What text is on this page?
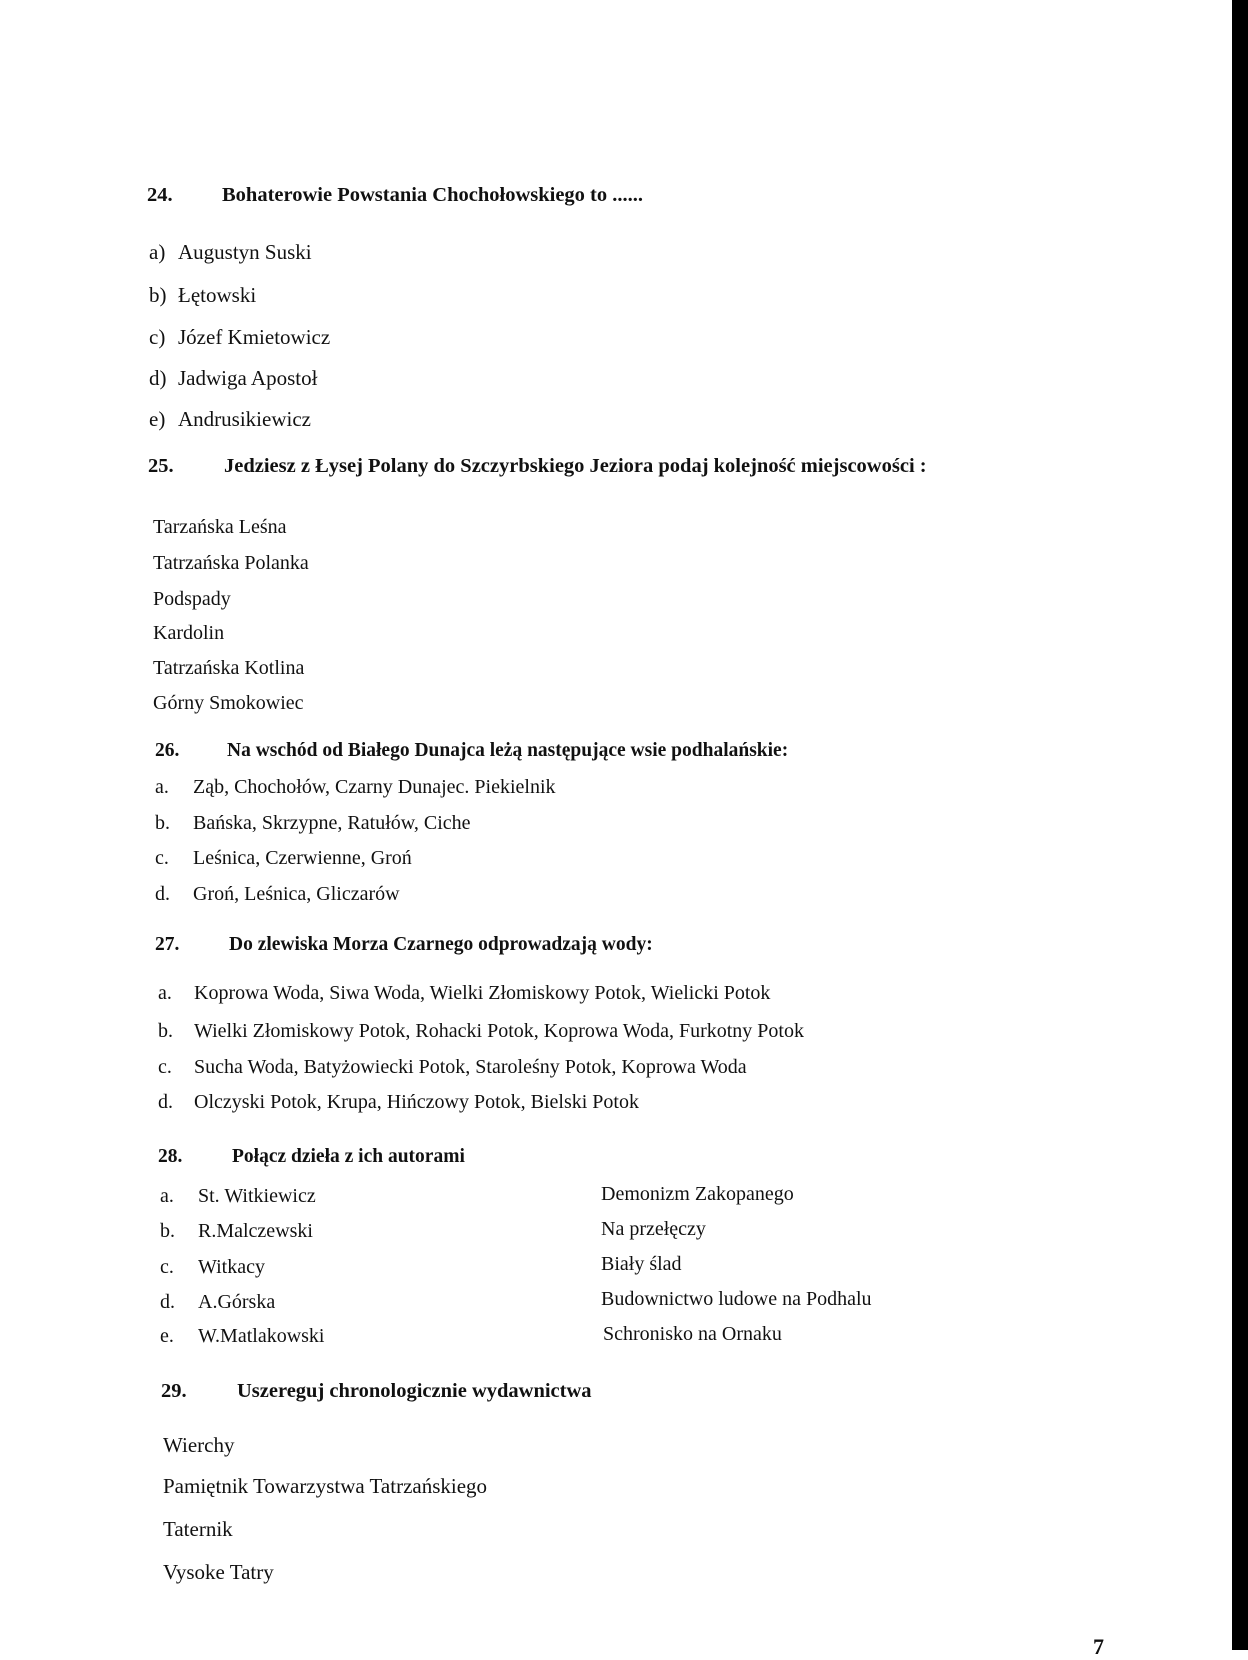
24. Bohaterowie Powstania Chochołowskiego to ......
a) Augustyn Suski
b) Łętowski
c) Józef Kmietowicz
d) Jadwiga Apostoł
e) Andrusikiewicz
25. Jedziesz z Łysej Polany do Szczyrbskiego Jeziora podaj kolejność miejscowości :
Tarzańska Leśna
Tatrzańska Polanka
Podspady
Kardolin
Tatrzańska Kotlina
Górny Smokowiec
26. Na wschód od Białego Dunajca leżą następujące wsie podhalańskie:
a. Ząb, Chochołów, Czarny Dunajec. Piekielnik
b. Bańska, Skrzypne, Ratułów, Ciche
c. Leśnica, Czerwienne, Groń
d. Groń, Leśnica, Gliczarów
27.	Do zlewiska Morza Czarnego odprowadzają wody:
a. Koprowa Woda, Siwa Woda, Wielki Złomiskowy Potok, Wielicki Potok
b. Wielki Złomiskowy Potok, Rohacki Potok, Koprowa Woda, Furkotny Potok
c. Sucha Woda, Batyżowiecki Potok, Staroleśny Potok, Koprowa Woda
d. Olczyski Potok, Krupa, Hińczowy Potok, Bielski Potok
28.	Połącz dzieła z ich autorami
a. St. Witkiewicz	Demonizm Zakopanego
b. R.Malczewski	Na przełęczy
c. Witkacy	Biały ślad
d. A.Górska	Budownictwo ludowe na Podhalu
e. W.Matlakowski	Schronisko na Ornaku
29. Uszereguj chronologicznie wydawnictwa
Wierchy
Pamiętnik Towarzystwa Tatrzańskiego
Taternik
Vysoke Tatry
7
